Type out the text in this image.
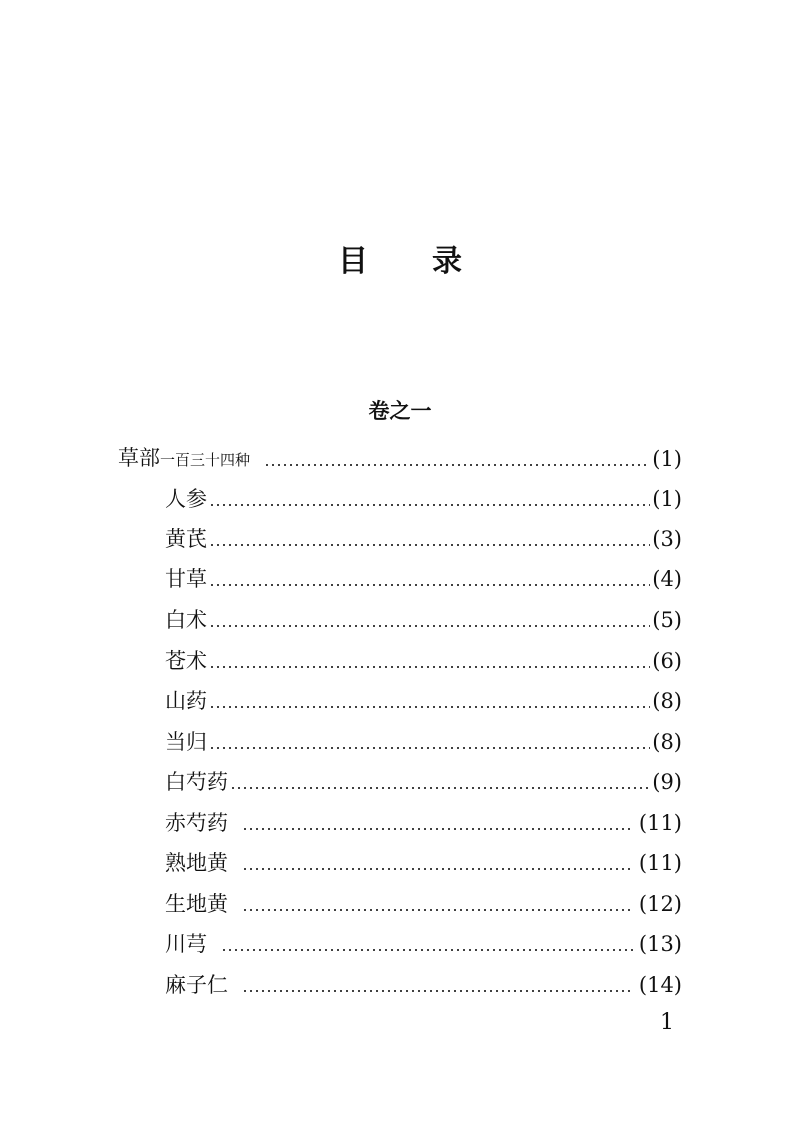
目 录
卷之一
草部一百三十四种	(1)
人参	(1)
黄芪	(3)
甘草	(4)
白术	(5)
苍术	(6)
山药	(8)
当归	(8)
白芍药	(9)
赤芍药	(11)
熟地黄	(11)
生地黄	(12)
川芎	(13)
麻子仁	(14)
1
